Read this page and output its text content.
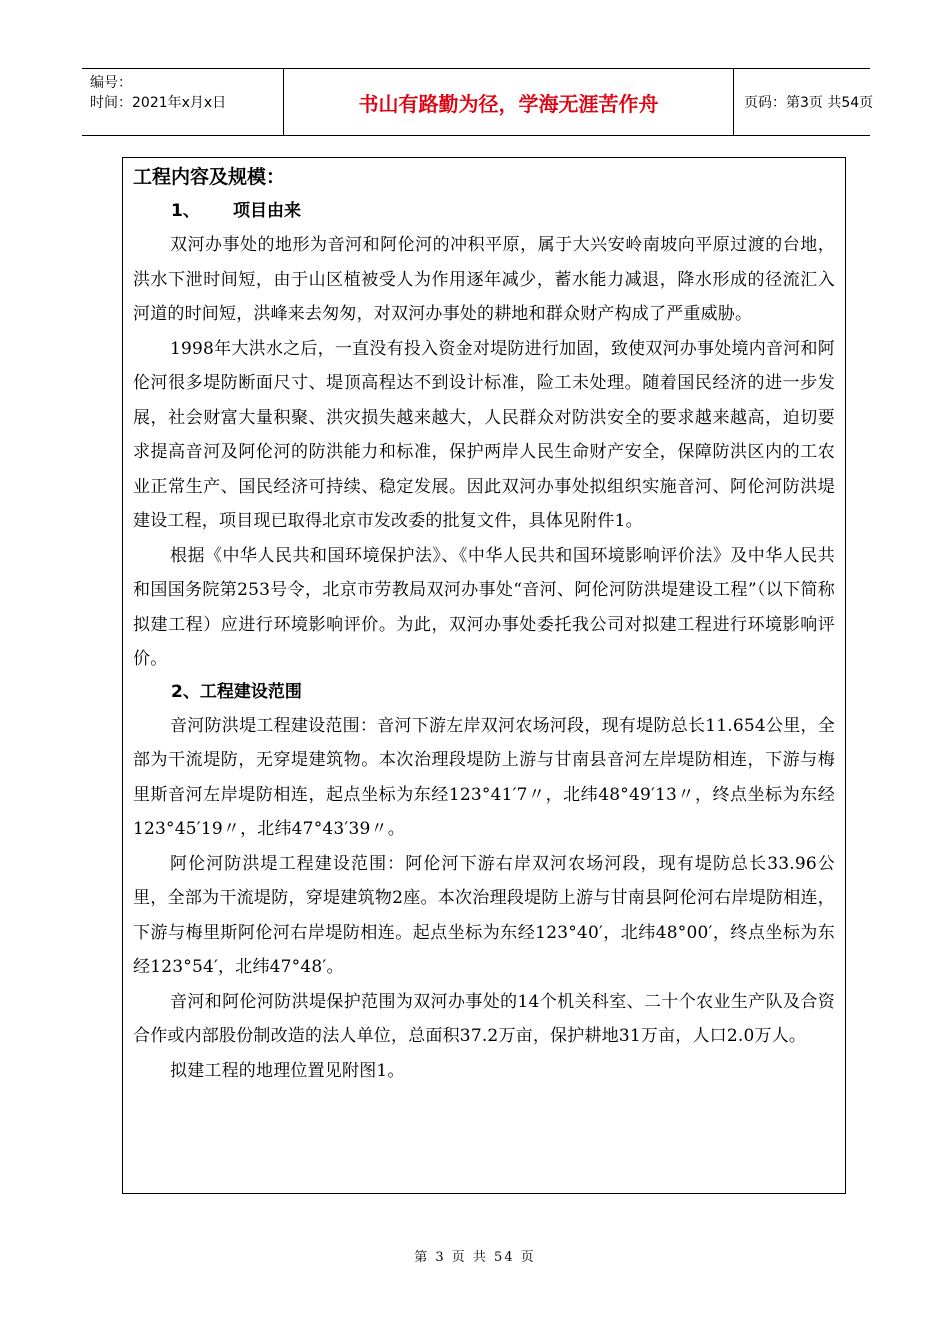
编号：
时间：2021年x月x日	书山有路勤为径，学海无涯苦作舟	页码：第3页 共54页
工程内容及规模：
1、 项目由来

双河办事处的地形为音河和阿伦河的冲积平原，属于大兴安岭南坡向平原过渡的台地，洪水下泄时间短，由于山区植被受人为作用逐年减少，蓄水能力减退，降水形成的径流汇入河道的时间短，洪峰来去匆匆，对双河办事处的耕地和群众财产构成了严重威胁。

1998年大洪水之后，一直没有投入资金对堤防进行加固，致使双河办事处境内音河和阿伦河很多堤防断面尺寸、堤顶高程达不到设计标准，险工未处理。随着国民经济的进一步发展，社会财富大量积聚、洪灾损失越来越大，人民群众对防洪安全的要求越来越高，迫切要求提高音河及阿伦河的防洪能力和标准，保护两岸人民生命财产安全，保障防洪区内的工农业正常生产、国民经济可持续、稳定发展。因此双河办事处拟组织实施音河、阿伦河防洪堤建设工程，项目现已取得北京市发改委的批复文件，具体见附件1。

根据《中华人民共和国环境保护法》、《中华人民共和国环境影响评价法》及中华人民共和国国务院第253号令，北京市劳教局双河办事处“音河、阿伦河防洪堤建设工程”（以下简称拟建工程）应进行环境影响评价。为此，双河办事处委托我公司对拟建工程进行环境影响评价。

2、工程建设范围

音河防洪堤工程建设范围：音河下游左岸双河农场河段，现有堤防总长11.654公里，全部为干流堤防，无穿堤建筑物。本次治理段堤防上游与甘南县音河左岸堤防相连，下游与梅里斯音河左岸堤防相连，起点坐标为东经123°41′7〃，北纬48°49′13〃，终点坐标为东经123°45′19〃，北纬47°43′39〃。

阿伦河防洪堤工程建设范围：阿伦河下游右岸双河农场河段，现有堤防总长33.96公里，全部为干流堤防，穿堤建筑物2座。本次治理段堤防上游与甘南县阿伦河右岸堤防相连，下游与梅里斯阿伦河右岸堤防相连。起点坐标为东经123°40′，北纬48°00′，终点坐标为东经123°54′，北纬47°48′。

音河和阿伦河防洪堤保护范围为双河办事处的14个机关科室、二十个农业生产队及合资合作或内部股份制改造的法人单位，总面积37.2万亩，保护耕地31万亩，人口2.0万人。

拟建工程的地理位置见附图1。

第 3 页 共 54 页
